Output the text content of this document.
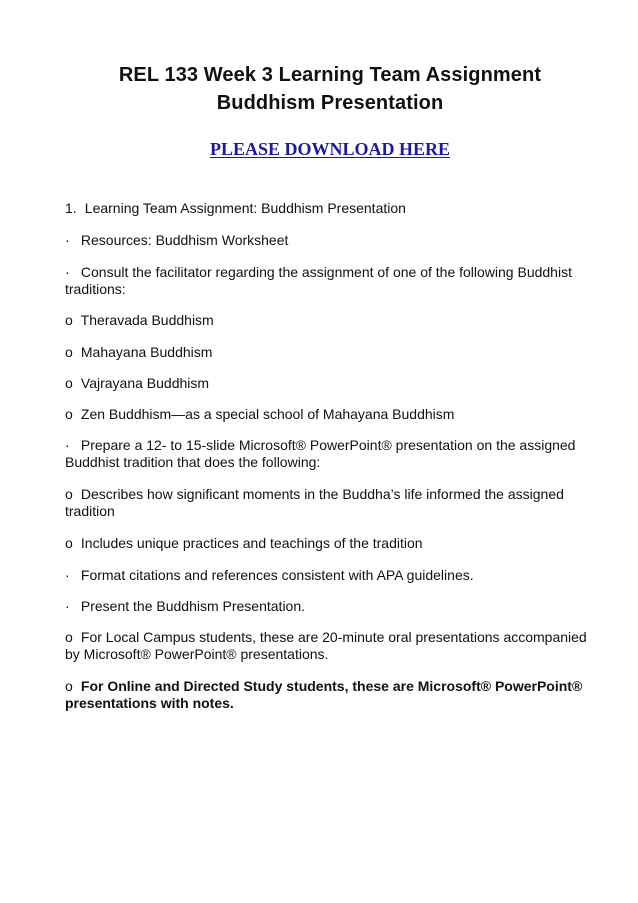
REL 133 Week 3 Learning Team Assignment
Buddhism Presentation
PLEASE DOWNLOAD HERE
1. Learning Team Assignment: Buddhism Presentation
· Resources: Buddhism Worksheet
· Consult the facilitator regarding the assignment of one of the following Buddhist traditions:
o Theravada Buddhism
o Mahayana Buddhism
o Vajrayana Buddhism
o Zen Buddhism—as a special school of Mahayana Buddhism
· Prepare a 12- to 15-slide Microsoft® PowerPoint® presentation on the assigned Buddhist tradition that does the following:
o Describes how significant moments in the Buddha’s life informed the assigned tradition
o Includes unique practices and teachings of the tradition
· Format citations and references consistent with APA guidelines.
· Present the Buddhism Presentation.
o For Local Campus students, these are 20-minute oral presentations accompanied by Microsoft® PowerPoint® presentations.
o For Online and Directed Study students, these are Microsoft® PowerPoint® presentations with notes.
